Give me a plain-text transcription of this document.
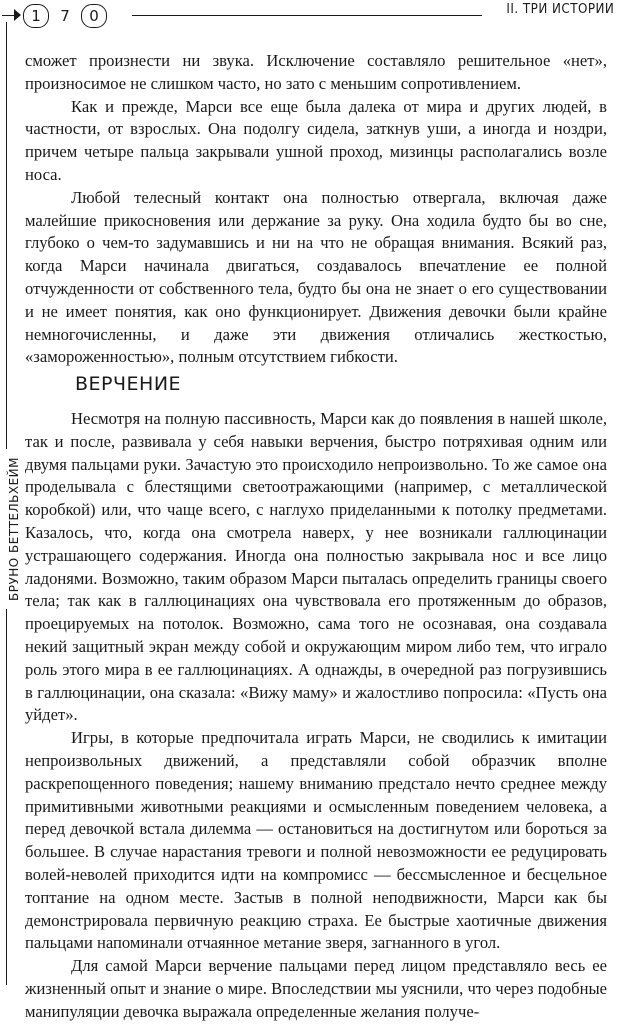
1	7	0	II. ТРИ ИСТОРИИ
БРУНО БЕТТЕЛЬХЕЙМ

сможет произнести ни звука. Исключение составляло решительное «нет», произносимое не слишком часто, но зато с меньшим сопротивлением.

Как и прежде, Марси все еще была далека от мира и других людей, в частности, от взрослых. Она подолгу сидела, заткнув уши, а иногда и ноздри, причем четыре пальца закрывали ушной проход, мизинцы располагались возле носа.

Любой телесный контакт она полностью отвергала, включая даже малейшие прикосновения или держание за руку. Она ходила будто бы во сне, глубоко о чем-то задумавшись и ни на что не обращая внимания. Всякий раз, когда Марси начинала двигаться, создавалось впечатление ее полной отчужденности от собственного тела, будто бы она не знает о его существовании и не имеет понятия, как оно функционирует. Движения девочки были крайне немногочисленны, и даже эти движения отличались жесткостью, «замороженностью», полным отсутствием гибкости.

ВЕРЧЕНИЕ

Несмотря на полную пассивность, Марси как до появления в нашей школе, так и после, развивала у себя навыки верчения, быстро потряхивая одним или двумя пальцами руки. Зачастую это происходило непроизвольно. То же самое она проделывала с блестящими светоотражающими (например, с металлической коробкой) или, что чаще всего, с наглухо приделанными к потолку предметами. Казалось, что, когда она смотрела наверх, у нее возникали галлюцинации устрашающего содержания. Иногда она полностью закрывала нос и все лицо ладонями. Возможно, таким образом Марси пыталась определить границы своего тела; так как в галлюцинациях она чувствовала его протяженным до образов, проецируемых на потолок. Возможно, сама того не осознавая, она создавала некий защитный экран между собой и окружающим миром либо тем, что играло роль этого мира в ее галлюцинациях. А однажды, в очередной раз погрузившись в галлюцинации, она сказала: «Вижу маму» и жалостливо попросила: «Пусть она уйдет».

Игры, в которые предпочитала играть Марси, не сводились к имитации непроизвольных движений, а представляли собой образчик вполне раскрепощенного поведения; нашему вниманию предстало нечто среднее между примитивными животными реакциями и осмысленным поведением человека, а перед девочкой встала дилемма — остановиться на достигнутом или бороться за большее. В случае нарастания тревоги и полной невозможности ее редуцировать волей-неволей приходится идти на компромисс — бессмысленное и бесцельное топтание на одном месте. Застыв в полной неподвижности, Марси как бы демонстрировала первичную реакцию страха. Ее быстрые хаотичные движения пальцами напоминали отчаянное метание зверя, загнанного в угол.

Для самой Марси верчение пальцами перед лицом представляло весь ее жизненный опыт и знание о мире. Впоследствии мы уяснили, что через подобные манипуляции девочка выражала определенные желания получе-
